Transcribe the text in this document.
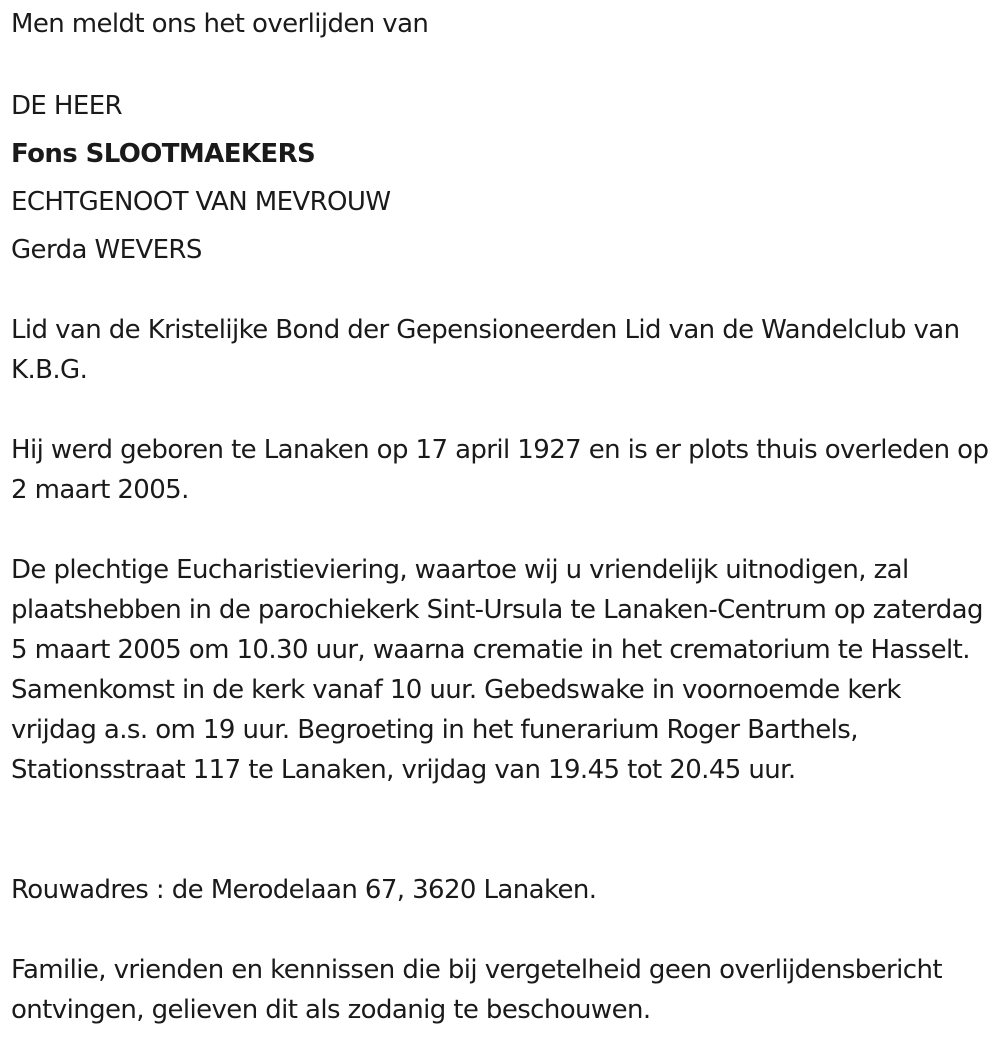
Men meldt ons het overlijden van
DE HEER
Fons SLOOTMAEKERS
ECHTGENOOT VAN MEVROUW
Gerda WEVERS

Lid van de Kristelijke Bond der Gepensioneerden Lid van de Wandelclub van K.B.G.

Hij werd geboren te Lanaken op 17 april 1927 en is er plots thuis overleden op 2 maart 2005.

De plechtige Eucharistieviering, waartoe wij u vriendelijk uitnodigen, zal plaatshebben in de parochiekerk Sint-Ursula te Lanaken-Centrum op zaterdag 5 maart 2005 om 10.30 uur, waarna crematie in het crematorium te Hasselt. Samenkomst in de kerk vanaf 10 uur. Gebedswake in voornoemde kerk vrijdag a.s. om 19 uur. Begroeting in het funerarium Roger Barthels, Stationsstraat 117 te Lanaken, vrijdag van 19.45 tot 20.45 uur.

Rouwadres : de Merodelaan 67, 3620 Lanaken.

Familie, vrienden en kennissen die bij vergetelheid geen overlijdensbericht ontvingen, gelieven dit als zodanig te beschouwen.
